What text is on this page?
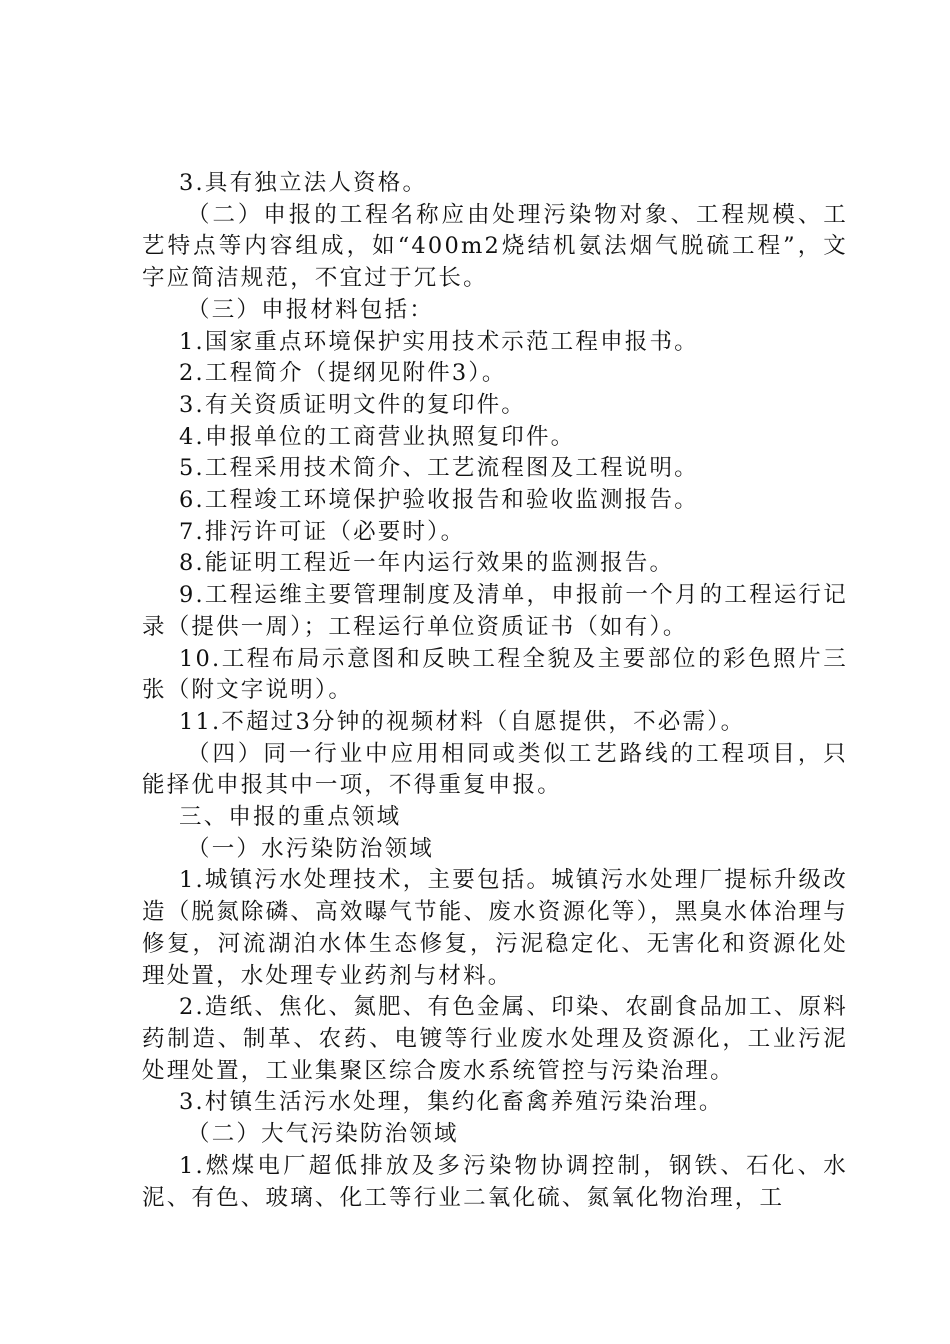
3.具有独立法人资格。

（二）申报的工程名称应由处理污染物对象、工程规模、工艺特点等内容组成，如“400m2烧结机氨法烟气脱硫工程”，文字应简洁规范，不宜过于冗长。

（三）申报材料包括：

1.国家重点环境保护实用技术示范工程申报书。

2.工程简介（提纲见附件3）。

3.有关资质证明文件的复印件。

4.申报单位的工商营业执照复印件。

5.工程采用技术简介、工艺流程图及工程说明。

6.工程竣工环境保护验收报告和验收监测报告。

7.排污许可证（必要时）。

8.能证明工程近一年内运行效果的监测报告。

9.工程运维主要管理制度及清单，申报前一个月的工程运行记录（提供一周）；工程运行单位资质证书（如有）。

10.工程布局示意图和反映工程全貌及主要部位的彩色照片三张（附文字说明）。

11.不超过3分钟的视频材料（自愿提供，不必需）。

（四）同一行业中应用相同或类似工艺路线的工程项目，只能择优申报其中一项，不得重复申报。

三、申报的重点领域

（一）水污染防治领域

1.城镇污水处理技术，主要包括。城镇污水处理厂提标升级改造（脱氮除磷、高效曝气节能、废水资源化等），黑臭水体治理与修复，河流湖泊水体生态修复，污泥稳定化、无害化和资源化处理处置，水处理专业药剂与材料。

2.造纸、焦化、氮肥、有色金属、印染、农副食品加工、原料药制造、制革、农药、电镀等行业废水处理及资源化，工业污泥处理处置，工业集聚区综合废水系统管控与污染治理。

3.村镇生活污水处理，集约化畜禽养殖污染治理。

（二）大气污染防治领域

1.燃煤电厂超低排放及多污染物协调控制，钢铁、石化、水泥、有色、玻璃、化工等行业二氧化硫、氮氧化物治理，工
